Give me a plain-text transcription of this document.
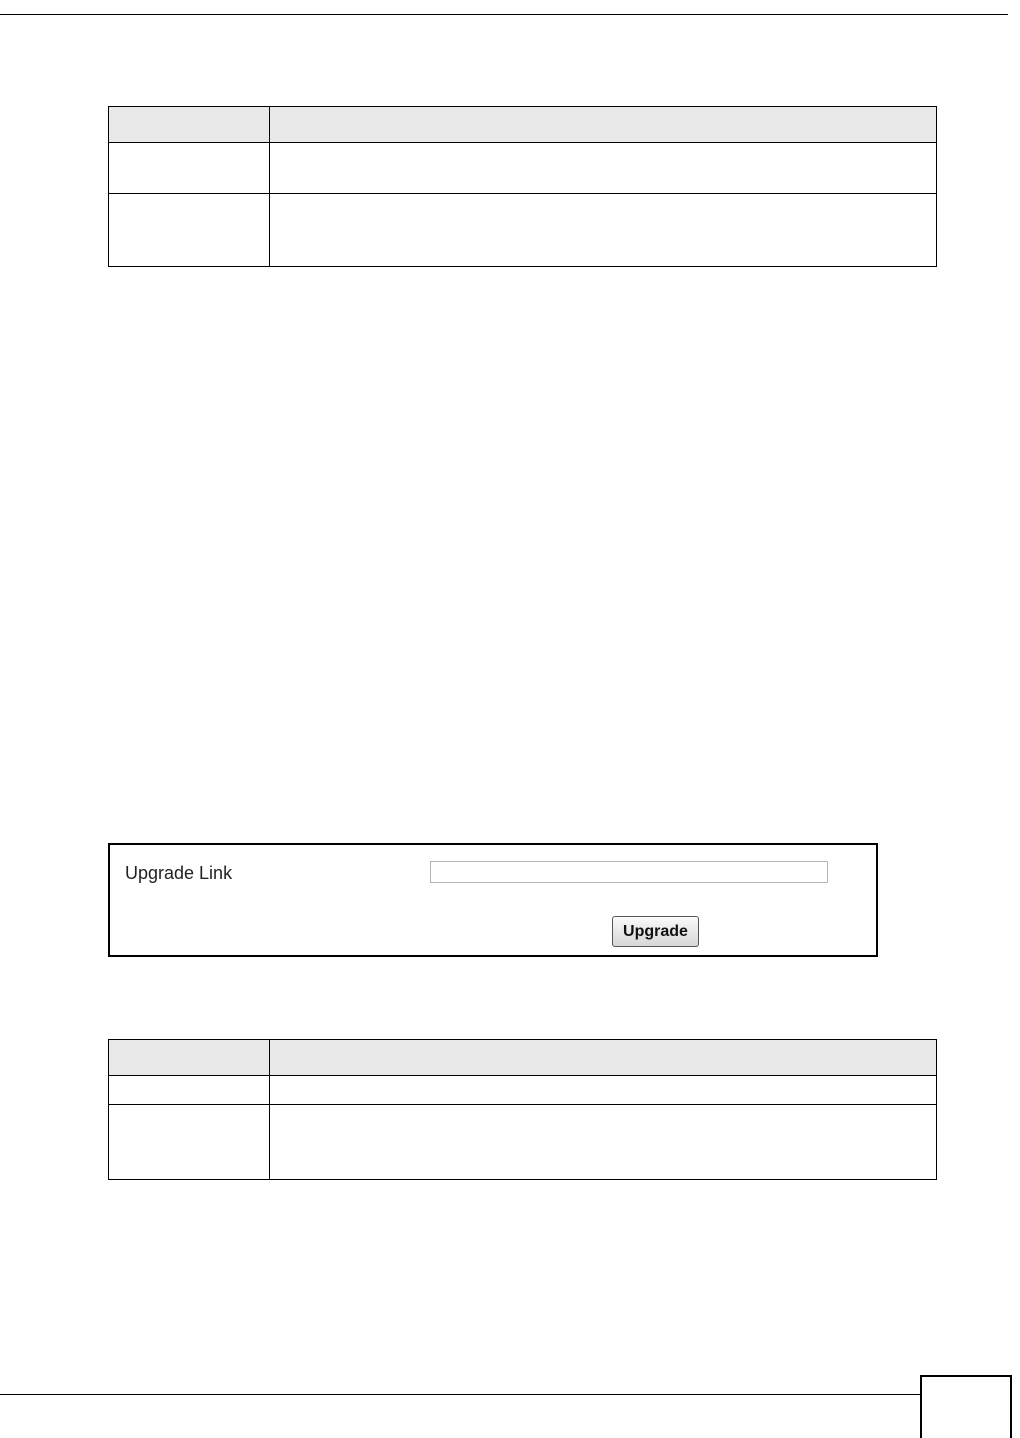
Upgrade Link
Upgrade
